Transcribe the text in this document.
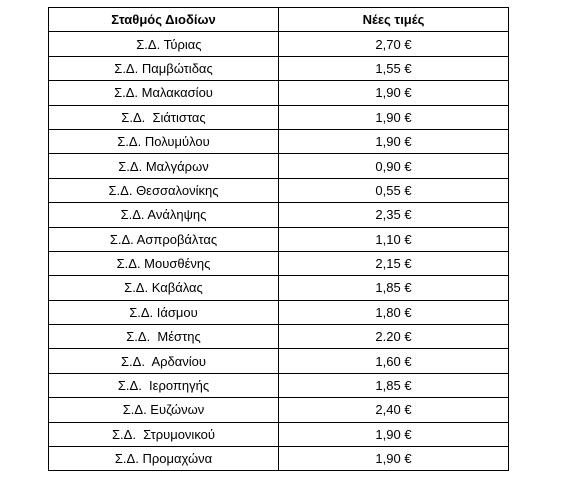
Σταθμός Διοδίων	Νέες τιμές
Σ.Δ. Τύριας	2,70 €
Σ.Δ. Παμβώτιδας	1,55 €
Σ.Δ. Μαλακασίου	1,90 €
Σ.Δ.  Σιάτιστας	1,90 €
Σ.Δ. Πολυμύλου	1,90 €
Σ.Δ. Μαλγάρων	0,90 €
Σ.Δ. Θεσσαλονίκης	0,55 €
Σ.Δ. Ανάληψης	2,35 €
Σ.Δ. Ασπροβάλτας	1,10 €
Σ.Δ. Μουσθένης	2,15 €
Σ.Δ. Καβάλας	1,85 €
Σ.Δ. Ιάσμου	1,80 €
Σ.Δ.  Μέστης	2.20 €
Σ.Δ.  Αρδανίου	1,60 €
Σ.Δ.  Ιεροπηγής	1,85 €
Σ.Δ. Ευζώνων	2,40 €
Σ.Δ.  Στρυμονικού	1,90 €
Σ.Δ. Προμαχώνα	1,90 €
